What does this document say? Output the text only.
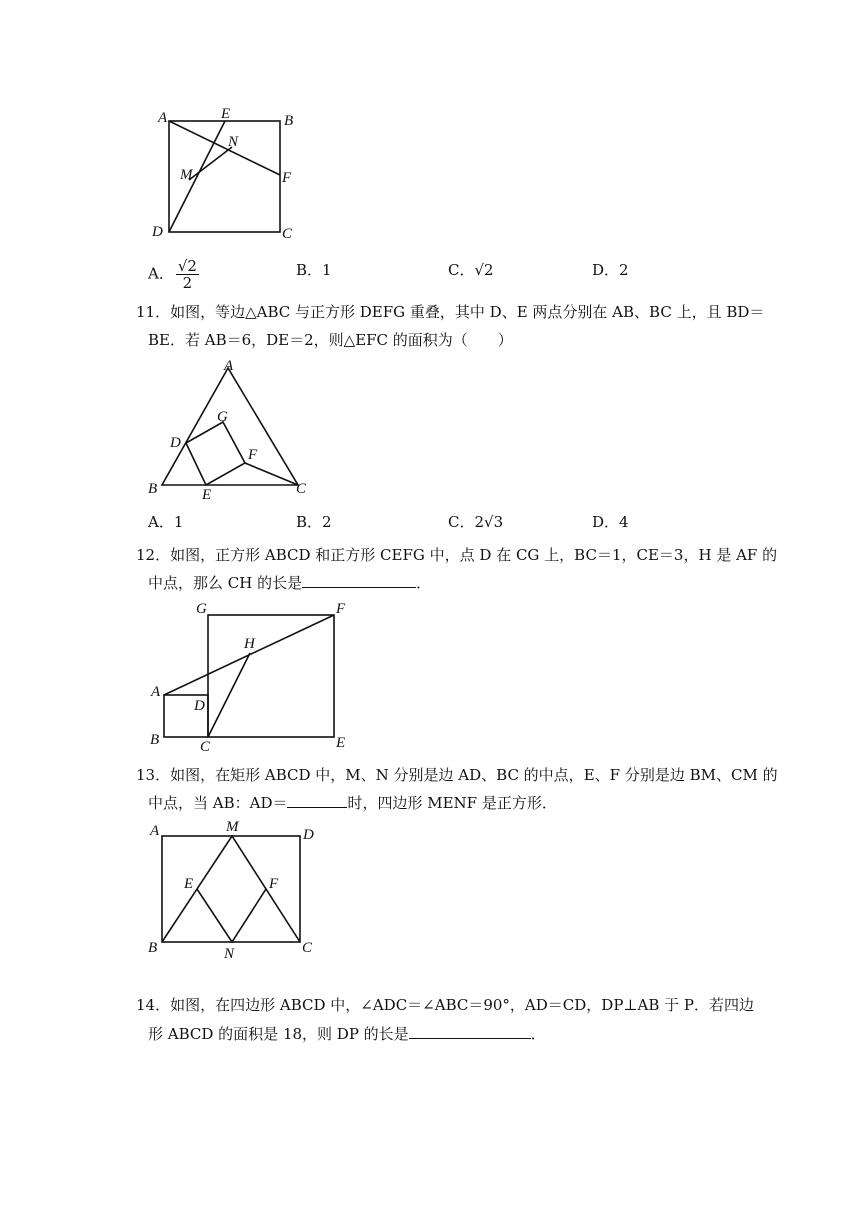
A	E	B
N
M	F
D	C
A． $\frac{√2}{2}$	B．1	C．√2	D．2
11．如图，等边△ABC 与正方形 DEFG 重叠，其中 D、E 两点分别在 AB、BC 上，且 BD＝
BE．若 AB＝6，DE＝2，则△EFC 的面积为（　　）
A
G
D
F
B	E	C
A．1	B．2	C．2√3	D．4
12．如图，正方形 ABCD 和正方形 CEFG 中，点 D 在 CG 上，BC＝1，CE＝3，H 是 AF 的
中点，那么 CH 的长是	．
G	F
H
A
D
B	C	E
13．如图，在矩形 ABCD 中，M、N 分别是边 AD、BC 的中点，E、F 分别是边 BM、CM 的
中点，当 AB：AD＝	时，四边形 MENF 是正方形．
A	M	D
E	F
B	N	C
14．如图，在四边形 ABCD 中，∠ADC＝∠ABC＝90°，AD＝CD，DP⊥AB 于 P．若四边
形 ABCD 的面积是 18，则 DP 的长是	．
